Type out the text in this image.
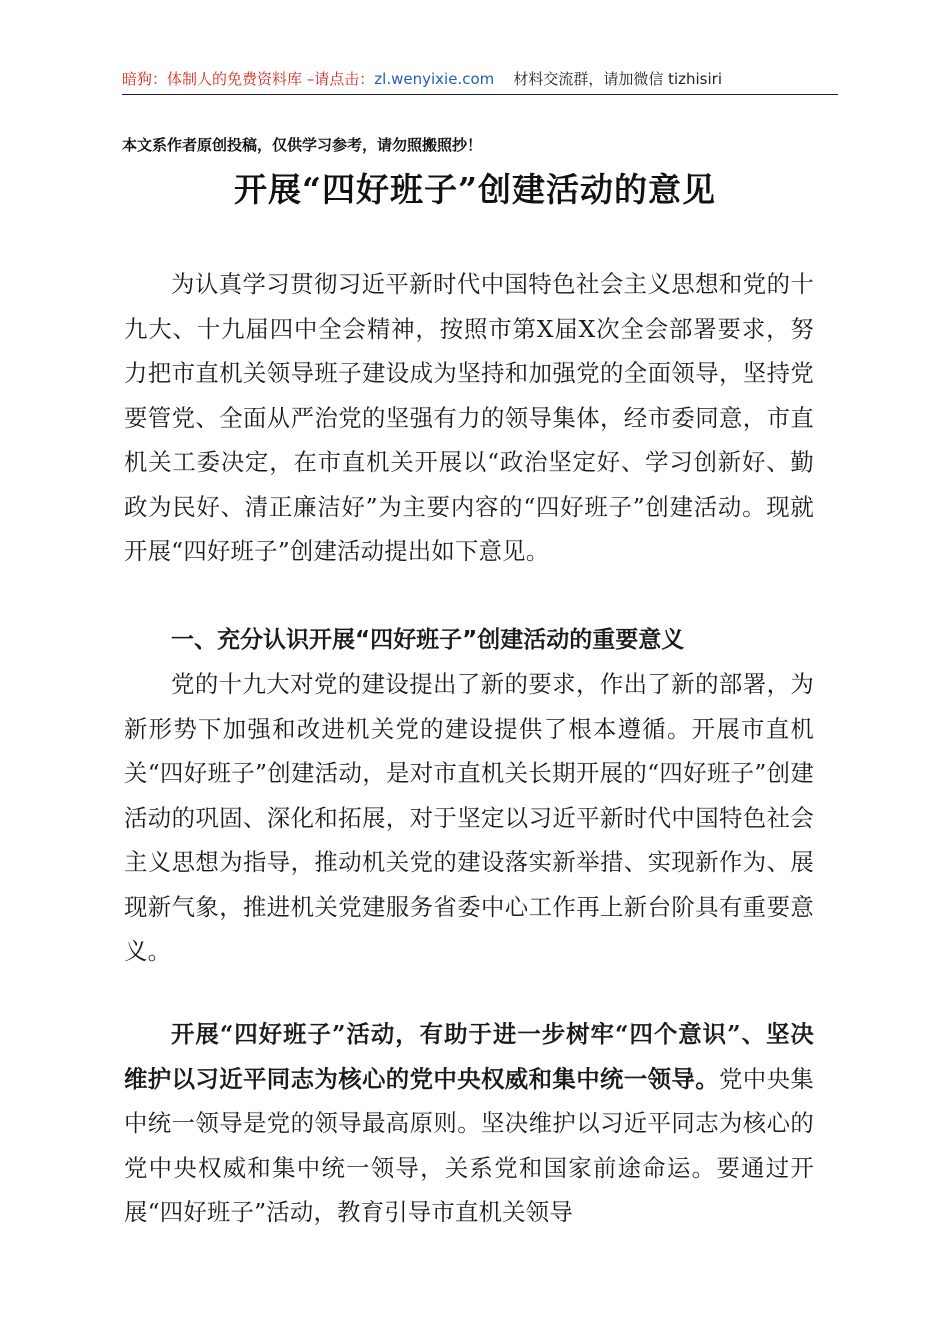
暗狗：体制人的免费资料库 –请点击：zl.wenyixie.com 材料交流群，请加微信 tizhisiri
本文系作者原创投稿，仅供学习参考，请勿照搬照抄！
开展“四好班子”创建活动的意见
为认真学习贯彻习近平新时代中国特色社会主义思想和党的十九大、十九届四中全会精神，按照市第X届X次全会部署要求，努力把市直机关领导班子建设成为坚持和加强党的全面领导，坚持党要管党、全面从严治党的坚强有力的领导集体，经市委同意，市直机关工委决定，在市直机关开展以“政治坚定好、学习创新好、勤政为民好、清正廉洁好”为主要内容的“四好班子”创建活动。现就开展“四好班子”创建活动提出如下意见。
一、充分认识开展“四好班子”创建活动的重要意义
党的十九大对党的建设提出了新的要求，作出了新的部署，为新形势下加强和改进机关党的建设提供了根本遵循。开展市直机关“四好班子”创建活动，是对市直机关长期开展的“四好班子”创建活动的巩固、深化和拓展，对于坚定以习近平新时代中国特色社会主义思想为指导，推动机关党的建设落实新举措、实现新作为、展现新气象，推进机关党建服务省委中心工作再上新台阶具有重要意义。
开展“四好班子”活动，有助于进一步树牢“四个意识”、坚决维护以习近平同志为核心的党中央权威和集中统一领导。党中央集中统一领导是党的领导最高原则。坚决维护以习近平同志为核心的党中央权威和集中统一领导，关系党和国家前途命运。要通过开展“四好班子”活动，教育引导市直机关领导
